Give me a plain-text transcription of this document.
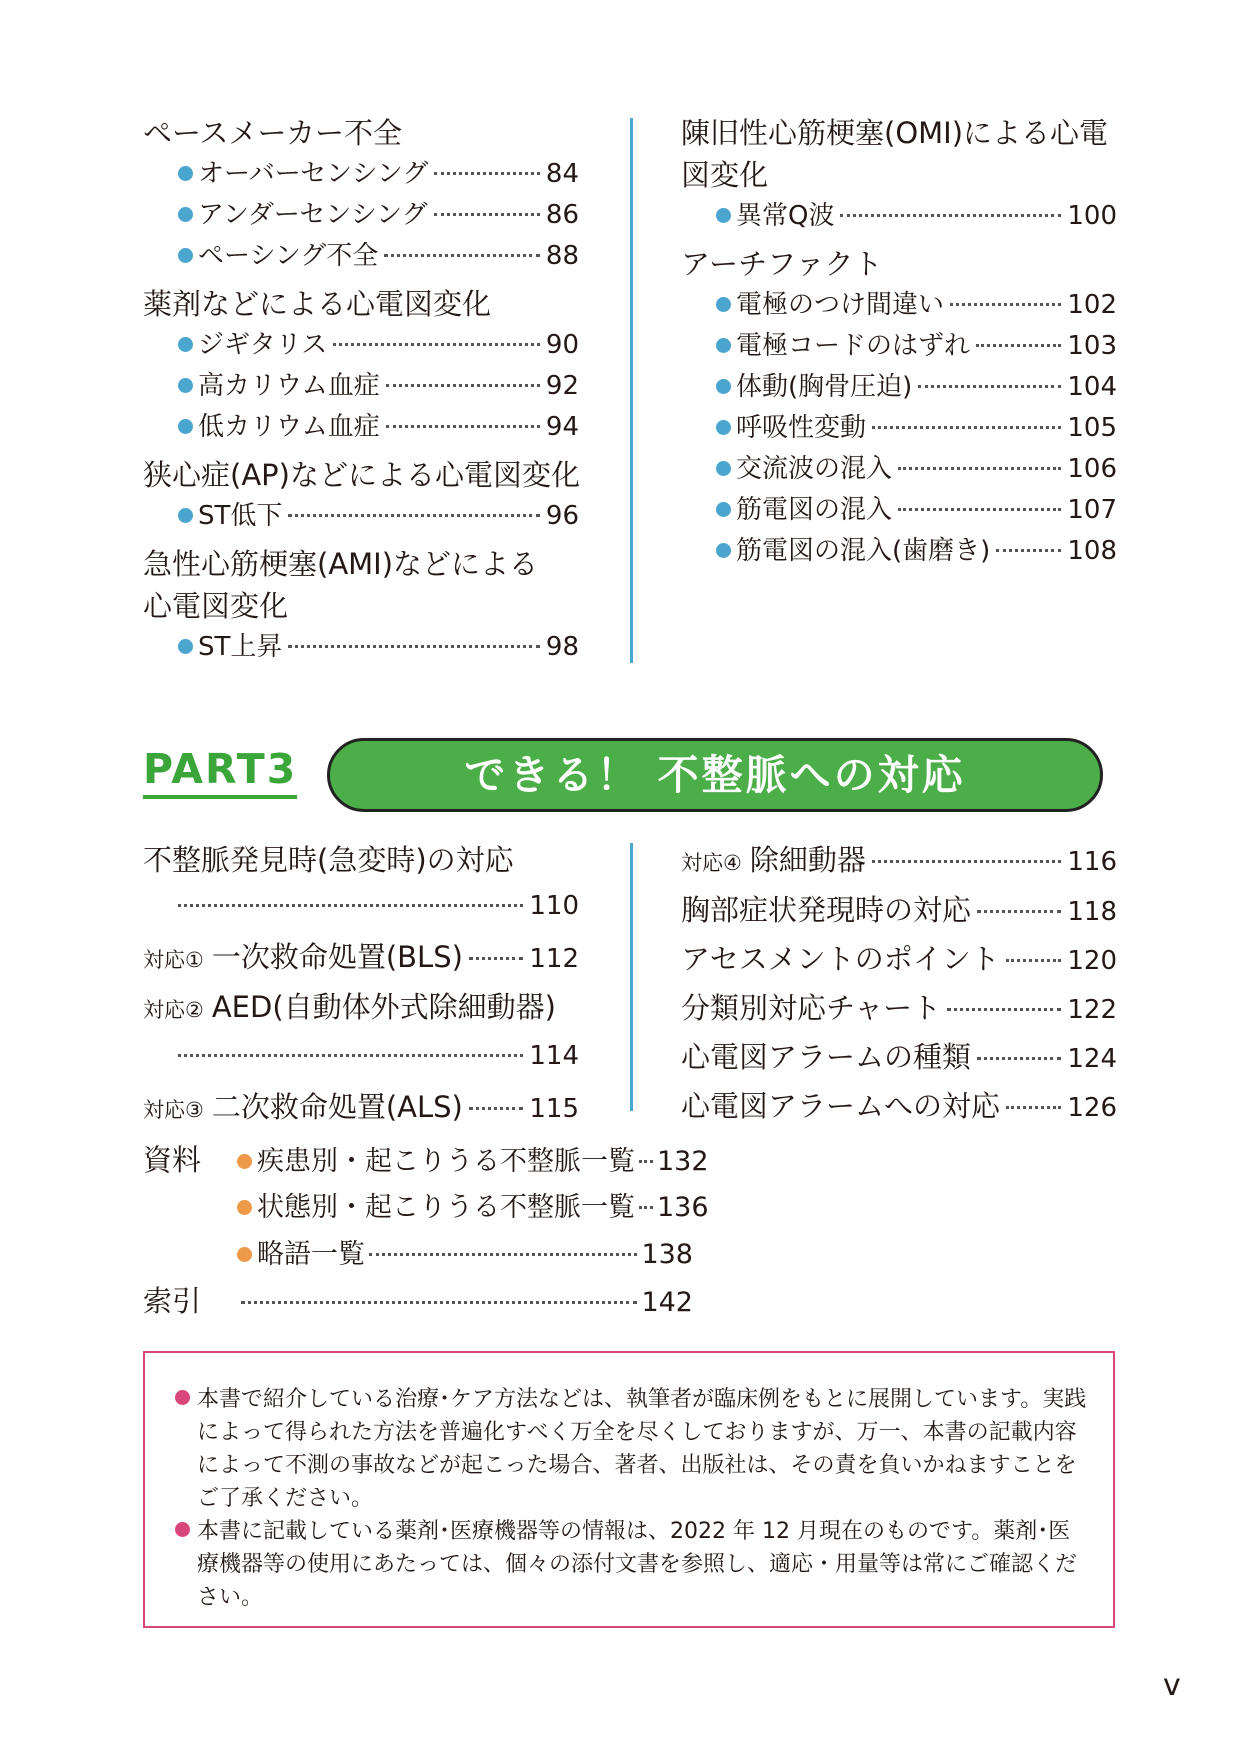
ペースメーカー不全
オーバーセンシング	84
アンダーセンシング	86
ペーシング不全	88
薬剤などによる心電図変化
ジギタリス	90
高カリウム血症	92
低カリウム血症	94
狭心症(AP)などによる心電図変化
ST低下	96
急性心筋梗塞(AMI)などによる
心電図変化
ST上昇	98
陳旧性心筋梗塞(OMI)による心電
図変化
異常Q波	100
アーチファクト
電極のつけ間違い	102
電極コードのはずれ	103
体動(胸骨圧迫)	104
呼吸性変動	105
交流波の混入	106
筋電図の混入	107
筋電図の混入(歯磨き)	108
PART3	できる！ 不整脈への対応
不整脈発見時(急変時)の対応
110
対応① 一次救命処置(BLS)	112
対応② AED(自動体外式除細動器)
114
対応③ 二次救命処置(ALS)	115
対応④ 除細動器	116
胸部症状発現時の対応	118
アセスメントのポイント	120
分類別対応チャート	122
心電図アラームの種類	124
心電図アラームへの対応	126
資料	疾患別・起こりうる不整脈一覧 132
状態別・起こりうる不整脈一覧 136
略語一覧	138
索引	142

本書で紹介している治療･ケア方法などは、執筆者が臨床例をもとに展開しています。実践によって得られた方法を普遍化すべく万全を尽くしておりますが、万一、本書の記載内容によって不測の事故などが起こった場合、著者、出版社は、その責を負いかねますことをご了承ください。

本書に記載している薬剤･医療機器等の情報は、2022 年 12 月現在のものです。薬剤･医療機器等の使用にあたっては、個々の添付文書を参照し、適応・用量等は常にご確認ください。

v
